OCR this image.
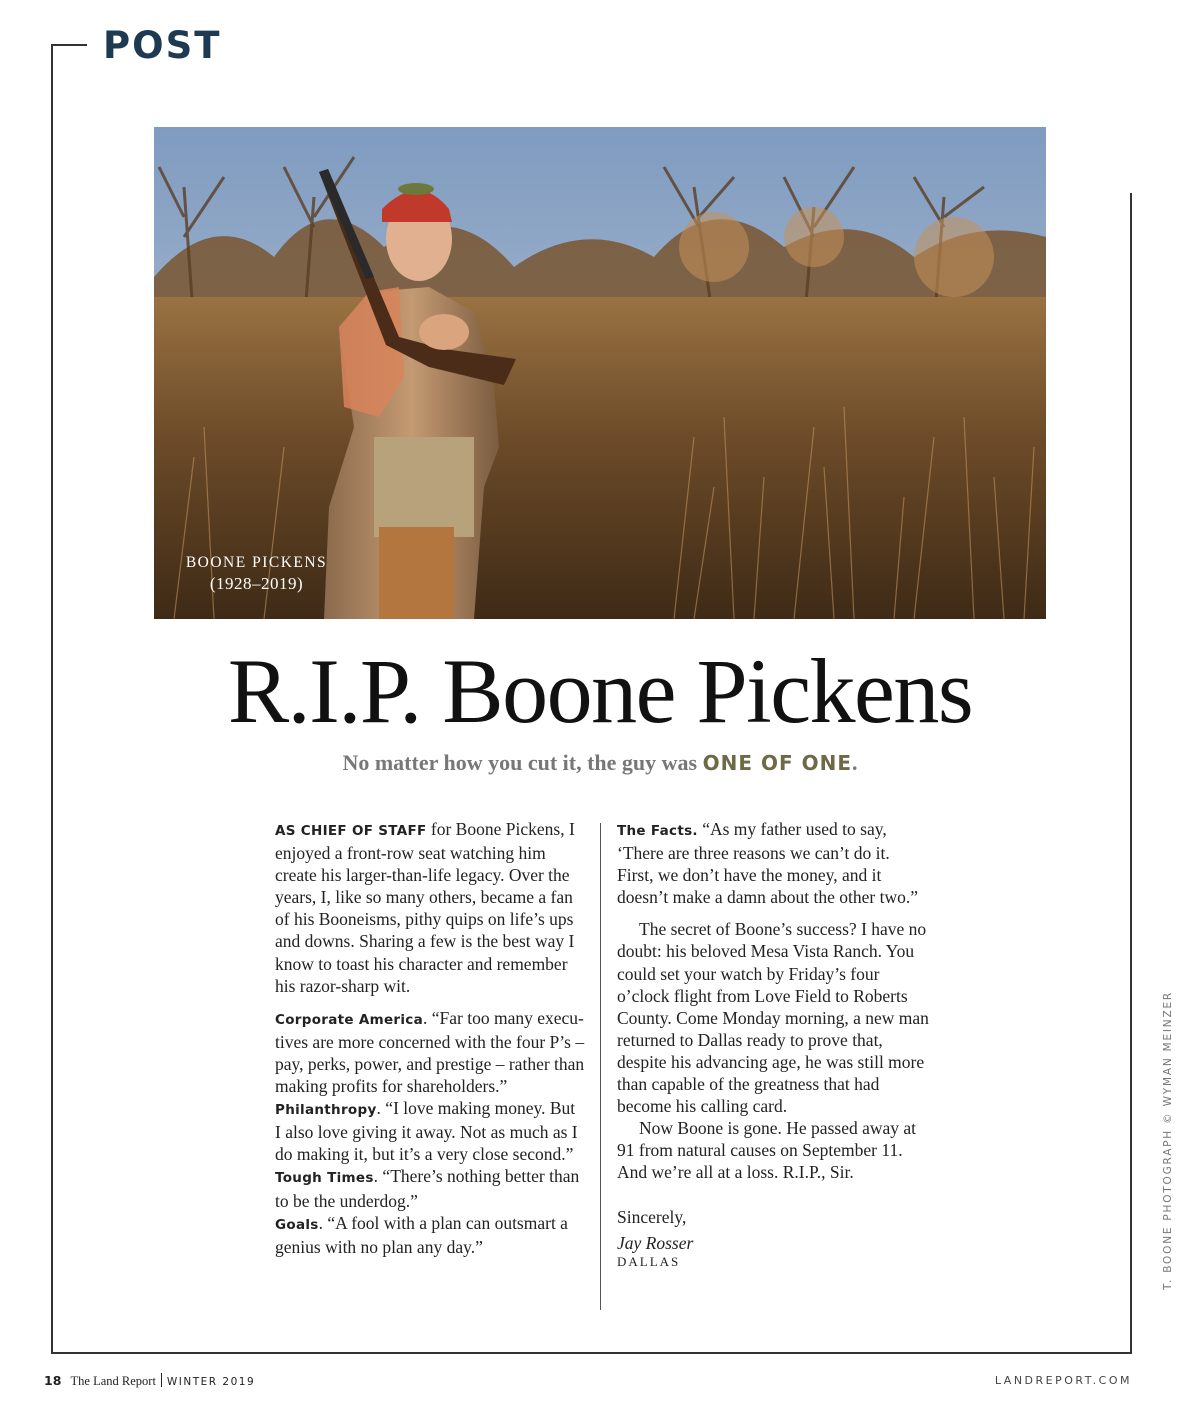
POST
BOONE PICKENS
(1928–2019)
R.I.P. Boone Pickens
No matter how you cut it, the guy was ONE OF ONE.

AS CHIEF OF STAFF for Boone Pickens, I enjoyed a front-row seat watching him create his larger-than-life legacy. Over the years, I, like so many others, became a fan of his Booneisms, pithy quips on life’s ups and downs. Sharing a few is the best way I know to toast his character and remember his razor-sharp wit.

Corporate America. “Far too many executives are more concerned with the four P’s – pay, perks, power, and prestige – rather than making profits for shareholders.”

Philanthropy. “I love making money. But I also love giving it away. Not as much as I do making it, but it’s a very close second.”

Tough Times. “There’s nothing better than to be the underdog.”

Goals. “A fool with a plan can outsmart a genius with no plan any day.”

The Facts. “As my father used to say, ‘There are three reasons we can’t do it. First, we don’t have the money, and it doesn’t make a damn about the other two.”

The secret of Boone’s success? I have no doubt: his beloved Mesa Vista Ranch. You could set your watch by Friday’s four o’clock flight from Love Field to Roberts County. Come Monday morning, a new man returned to Dallas ready to prove that, despite his advancing age, he was still more than capable of the greatness that had become his calling card.

Now Boone is gone. He passed away at 91 from natural causes on September 11. And we’re all at a loss. R.I.P., Sir.

Sincerely,

Jay Rosser

DALLAS	T. BOONE PHOTOGRAPH © WYMAN MEINZER
18 The Land Report WINTER 2019	LANDREPORT.COM
